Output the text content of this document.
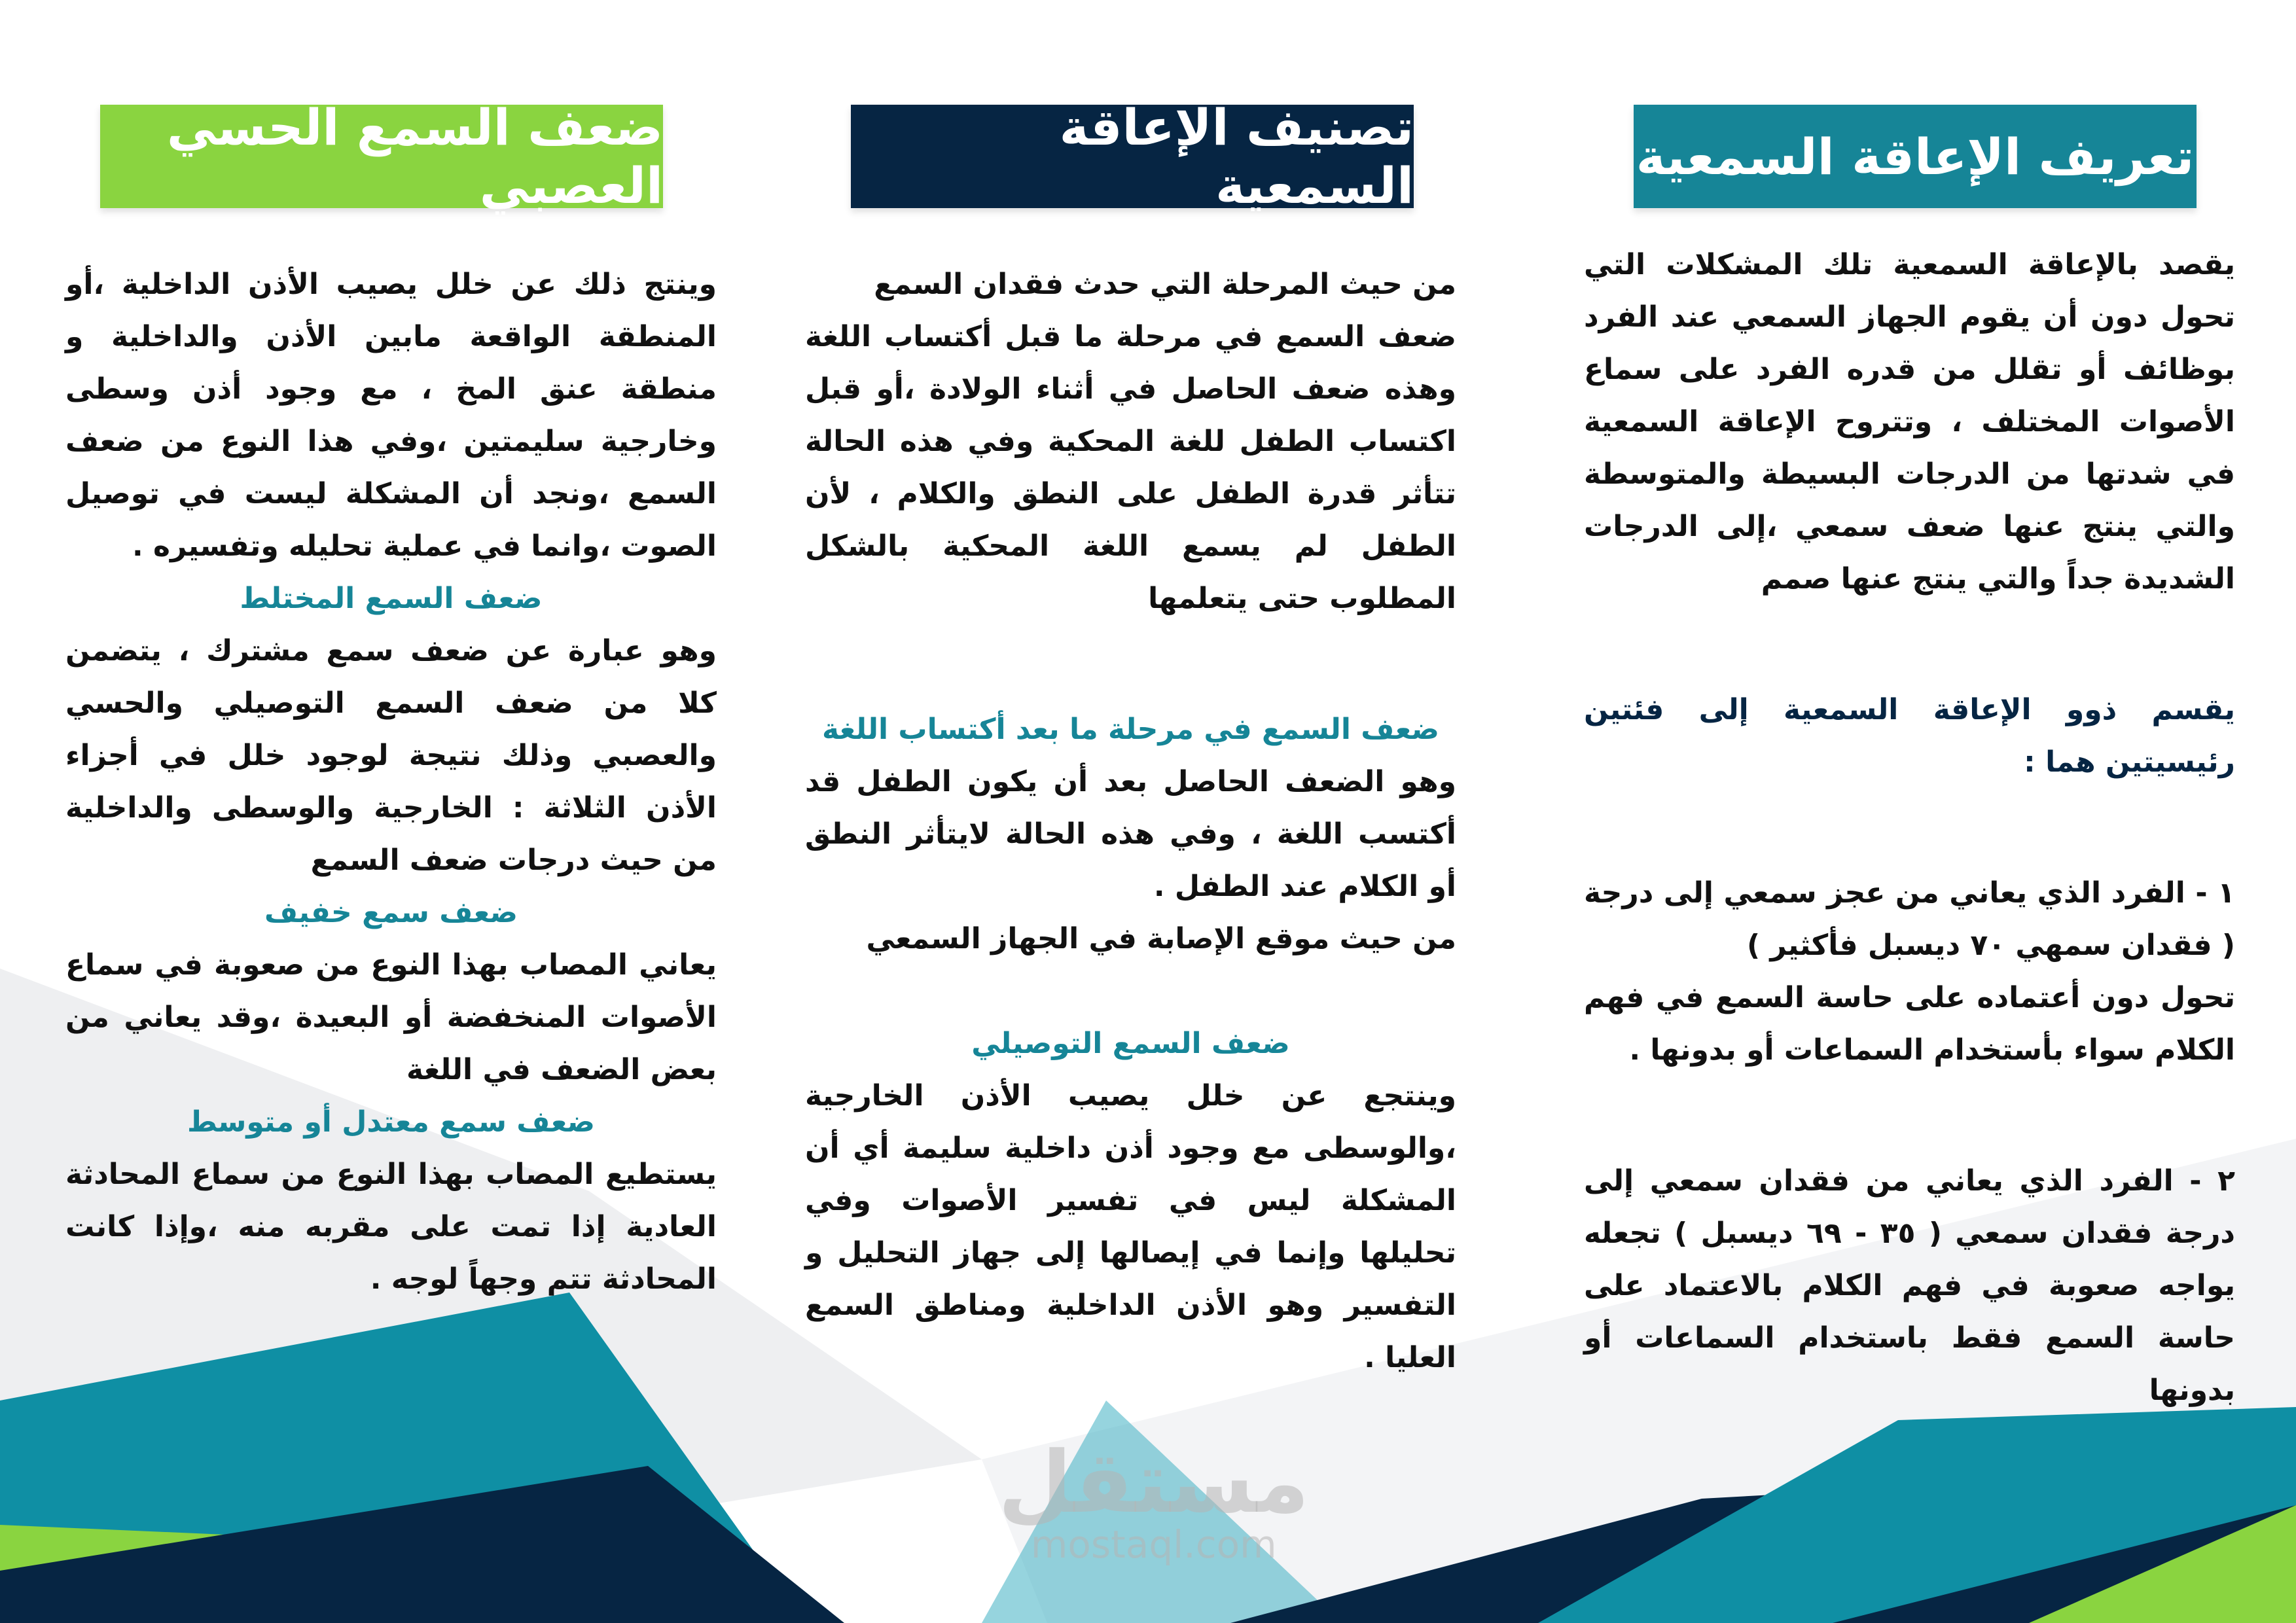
تعريف الإعاقة السمعية
تصنيف الإعاقة السمعية
ضعف السمع الحسي العصبي

يقصد بالإعاقة السمعية تلك المشكلات التي تحول دون أن يقوم الجهاز السمعي عند الفرد بوظائف أو تقلل من قدره الفرد على سماع الأصوات المختلف ، وتتروح الإعاقة السمعية في شدتها من الدرجات البسيطة والمتوسطة والتي ينتج عنها ضعف سمعي ،إلى الدرجات الشديدة جداً والتي ينتج عنها صمم

يقسم ذوو الإعاقة السمعية إلى فئتين رئيسيتين هما :

١ - الفرد الذي يعاني من عجز سمعي إلى درجة ( فقدان سمهي ٧٠ ديسبل فأكثير )

تحول دون أعتماده على حاسة السمع في فهم الكلام سواء بأستخدام السماعات أو بدونها .

٢ - الفرد الذي يعاني من فقدان سمعي إلى درجة فقدان سمعي ( ٣٥ - ٦٩ ديسبل ) تجعله يواجه صعوبة في فهم الكلام بالاعتماد على حاسة السمع فقط باستخدام السماعات أو بدونها

من حيث المرحلة التي حدث فقدان السمع

ضعف السمع في مرحلة ما قبل أكتساب اللغة وهذه ضعف الحاصل في أثناء الولادة ،أو قبل اكتساب الطفل للغة المحكية وفي هذه الحالة تتأثر قدرة الطفل على النطق والكلام ، لأن الطفل لم يسمع اللغة المحكية بالشكل المطلوب حتى يتعلمها

ضعف السمع في مرحلة ما بعد أكتساب اللغة

وهو الضعف الحاصل بعد أن يكون الطفل قد أكتسب اللغة ، وفي هذه الحالة لايتأثر النطق أو الكلام عند الطفل .

من حيث موقع الإصابة في الجهاز السمعي

ضعف السمع التوصيلي

وينتجع عن خلل يصيب الأذن الخارجية ،والوسطى مع وجود أذن داخلية سليمة أي أن المشكلة ليس في تفسير الأصوات وفي تحليلها وإنما في إيصالها إلى جهاز التحليل و التفسير وهو الأذن الداخلية ومناطق السمع العليا .

وينتج ذلك عن خلل يصيب الأذن الداخلية ،أو المنطقة الواقعة مابين الأذن والداخلية و منطقة عنق المخ ، مع وجود أذن وسطى وخارجية سليمتين ،وفي هذا النوع من ضعف السمع ،ونجد أن المشكلة ليست في توصيل الصوت ،وانما في عملية تحليله وتفسيره .

ضعف السمع المختلط

وهو عبارة عن ضعف سمع مشترك ، يتضمن كلا من ضعف السمع التوصيلي والحسي والعصبي وذلك نتيجة لوجود خلل في أجزاء الأذن الثلاثة : الخارجية والوسطى والداخلية من حيث درجات ضعف السمع

ضعف سمع خفيف

يعاني المصاب بهذا النوع من صعوبة في سماع الأصوات المنخفضة أو البعيدة ،وقد يعاني من بعض الضعف في اللغة

ضعف سمع معتدل أو متوسط

يستطيع المصاب بهذا النوع من سماع المحادثة العادية إذا تمت على مقربه منه ،وإذا كانت المحادثة تتم وجهاً لوجه .

مستقل
mostaql.com
